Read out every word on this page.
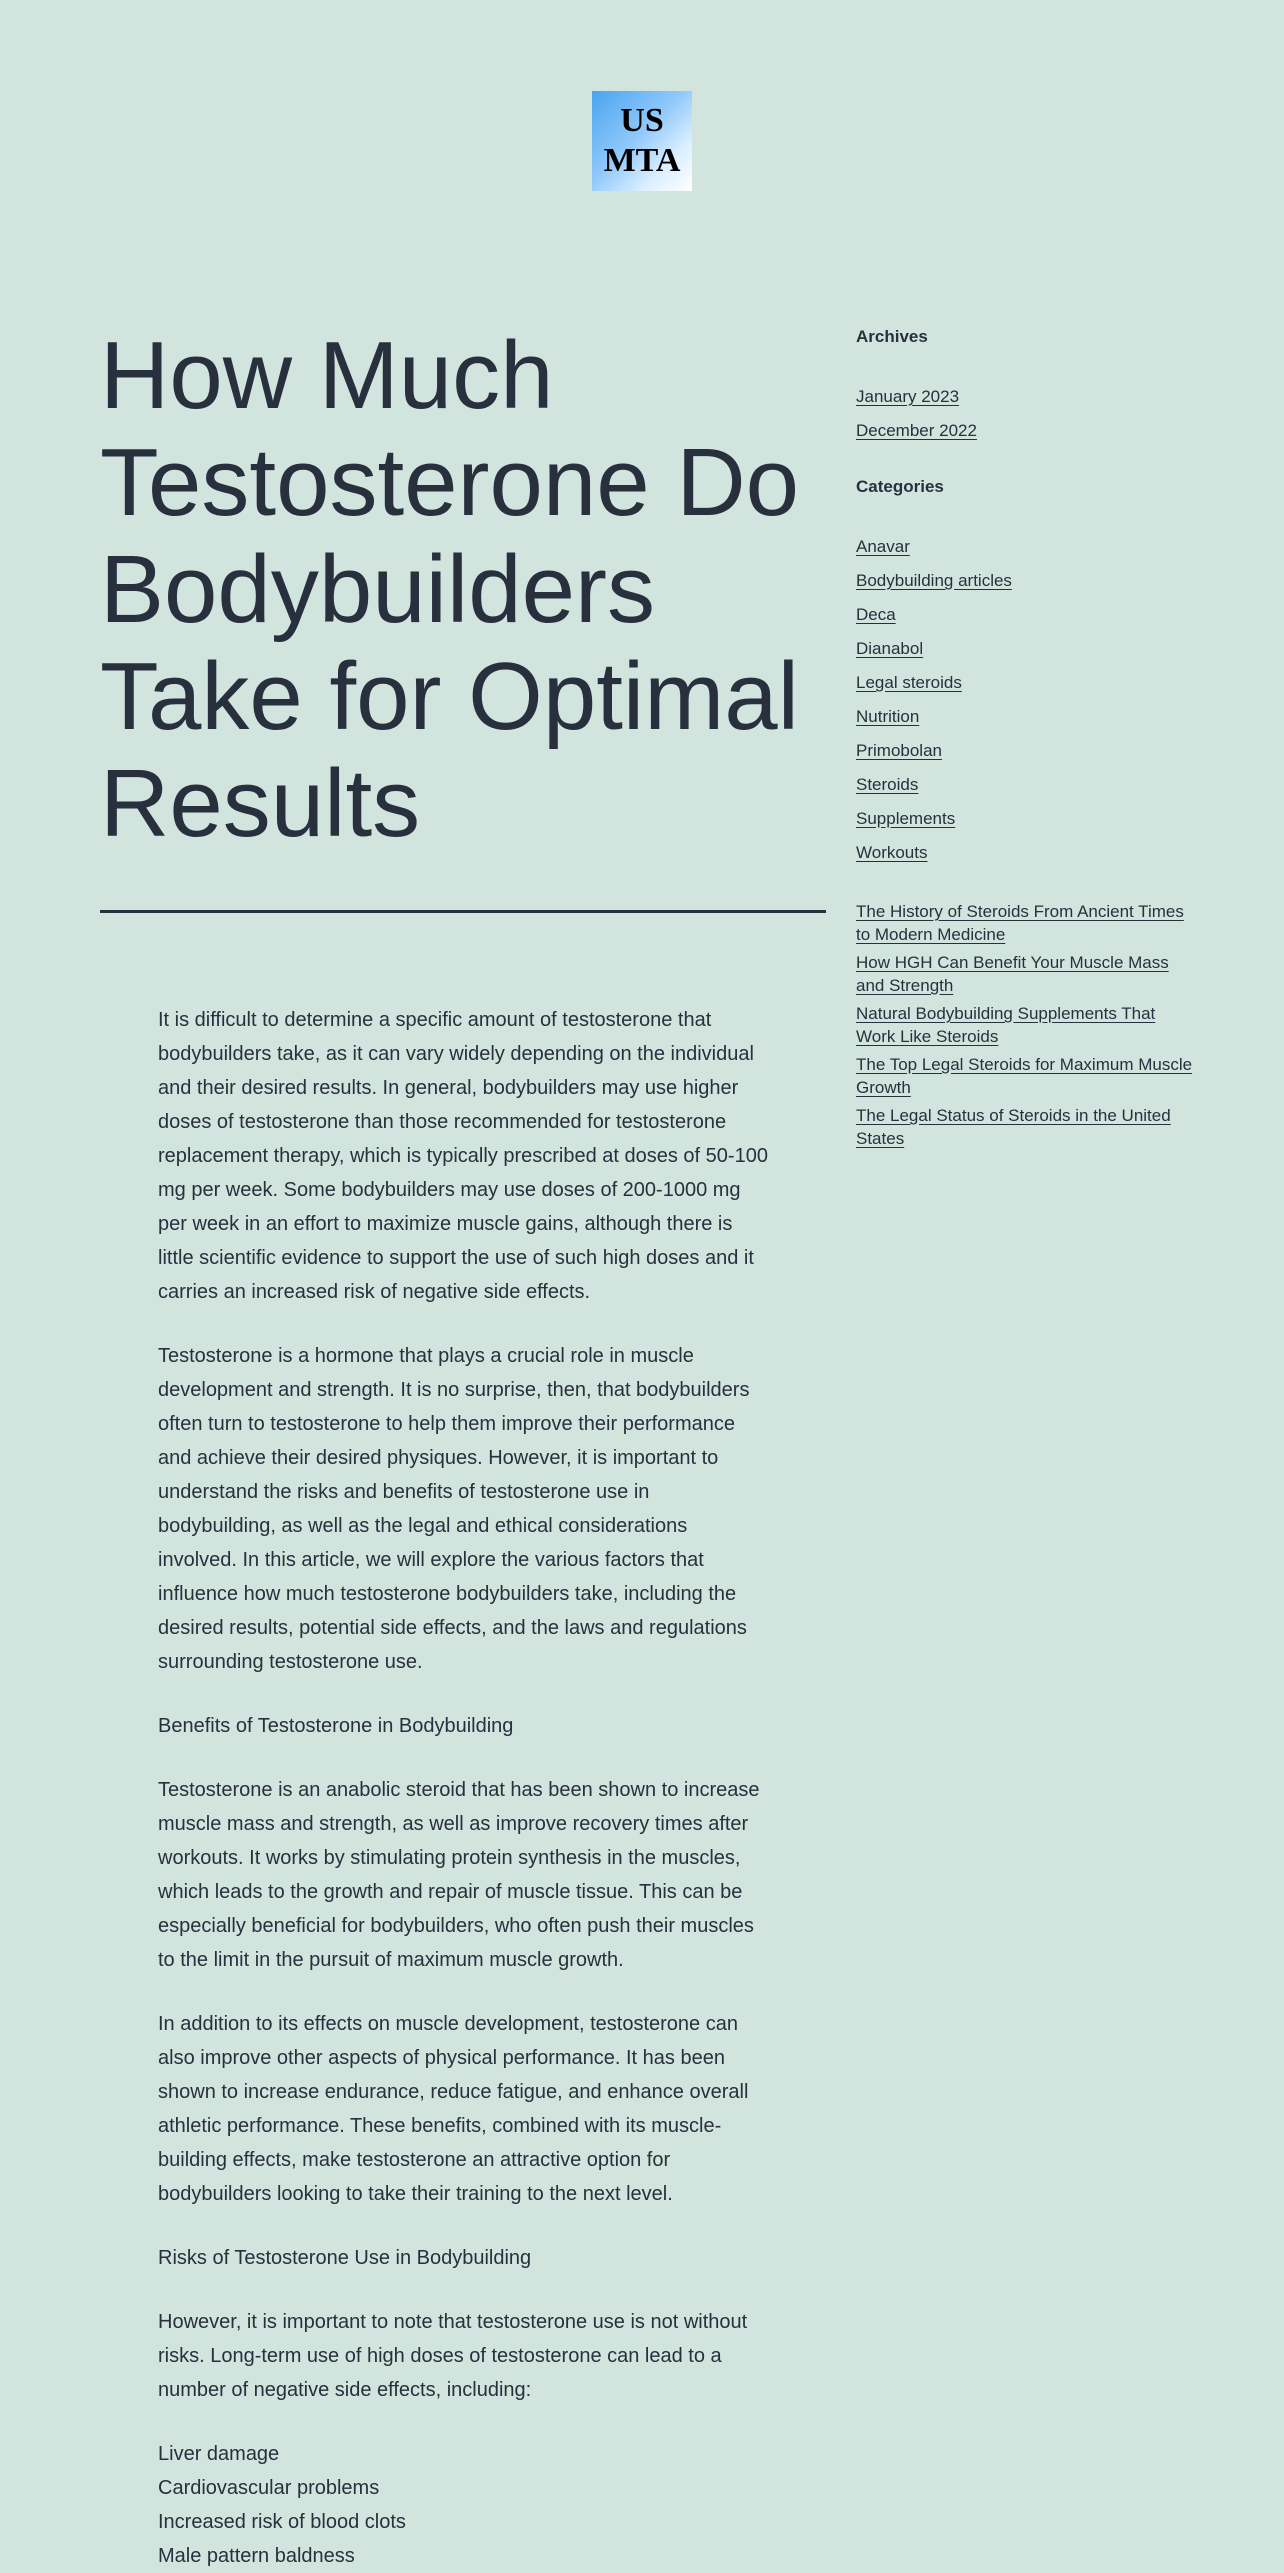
US
MTA
How Much Testosterone Do Bodybuilders Take for Optimal Results

It is difficult to determine a specific amount of testosterone that bodybuilders take, as it can vary widely depending on the individual and their desired results. In general, bodybuilders may use higher doses of testosterone than those recommended for testosterone replacement therapy, which is typically prescribed at doses of 50-100 mg per week. Some bodybuilders may use doses of 200-1000 mg per week in an effort to maximize muscle gains, although there is little scientific evidence to support the use of such high doses and it carries an increased risk of negative side effects.

Testosterone is a hormone that plays a crucial role in muscle development and strength. It is no surprise, then, that bodybuilders often turn to testosterone to help them improve their performance and achieve their desired physiques. However, it is important to understand the risks and benefits of testosterone use in bodybuilding, as well as the legal and ethical considerations involved. In this article, we will explore the various factors that influence how much testosterone bodybuilders take, including the desired results, potential side effects, and the laws and regulations surrounding testosterone use.

Benefits of Testosterone in Bodybuilding

Testosterone is an anabolic steroid that has been shown to increase muscle mass and strength, as well as improve recovery times after workouts. It works by stimulating protein synthesis in the muscles, which leads to the growth and repair of muscle tissue. This can be especially beneficial for bodybuilders, who often push their muscles to the limit in the pursuit of maximum muscle growth.

In addition to its effects on muscle development, testosterone can also improve other aspects of physical performance. It has been shown to increase endurance, reduce fatigue, and enhance overall athletic performance. These benefits, combined with its muscle-building effects, make testosterone an attractive option for bodybuilders looking to take their training to the next level.

Risks of Testosterone Use in Bodybuilding

However, it is important to note that testosterone use is not without risks. Long-term use of high doses of testosterone can lead to a number of negative side effects, including:

Liver damage
Cardiovascular problems
Increased risk of blood clots
Male pattern baldness
Archives
January 2023
December 2022
Categories
Anavar
Bodybuilding articles
Deca
Dianabol
Legal steroids
Nutrition
Primobolan
Steroids
Supplements
Workouts
The History of Steroids From Ancient Times to Modern Medicine
How HGH Can Benefit Your Muscle Mass and Strength
Natural Bodybuilding Supplements That Work Like Steroids
The Top Legal Steroids for Maximum Muscle Growth
The Legal Status of Steroids in the United States
